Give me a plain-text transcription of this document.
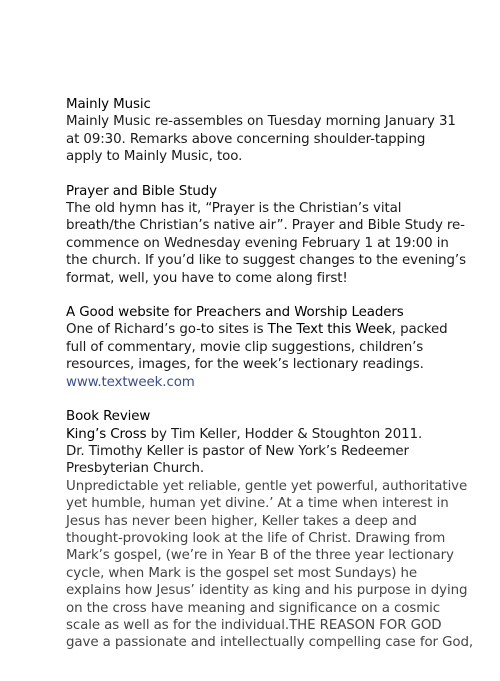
Mainly Music
Mainly Music re-assembles on Tuesday morning January 31
at 09:30. Remarks above concerning shoulder-tapping
apply to Mainly Music, too.
Prayer and Bible Study
The old hymn has it, “Prayer is the Christian’s vital
breath/the Christian’s native air”. Prayer and Bible Study re-
commence on Wednesday evening February 1 at 19:00 in
the church. If you’d like to suggest changes to the evening’s
format, well, you have to come along first!
A Good website for Preachers and Worship Leaders
One of Richard’s go-to sites is The Text this Week, packed
full of commentary, movie clip suggestions, children’s
resources, images, for the week’s lectionary readings.
www.textweek.com
Book Review
King’s Cross by Tim Keller, Hodder & Stoughton 2011.
Dr. Timothy Keller is pastor of New York’s Redeemer
Presbyterian Church.
Unpredictable yet reliable, gentle yet powerful, authoritative
yet humble, human yet divine.’ At a time when interest in
Jesus has never been higher, Keller takes a deep and
thought-provoking look at the life of Christ. Drawing from
Mark’s gospel, (we’re in Year B of the three year lectionary
cycle, when Mark is the gospel set most Sundays) he
explains how Jesus’ identity as king and his purpose in dying
on the cross have meaning and significance on a cosmic
scale as well as for the individual.THE REASON FOR GOD
gave a passionate and intellectually compelling case for God,
